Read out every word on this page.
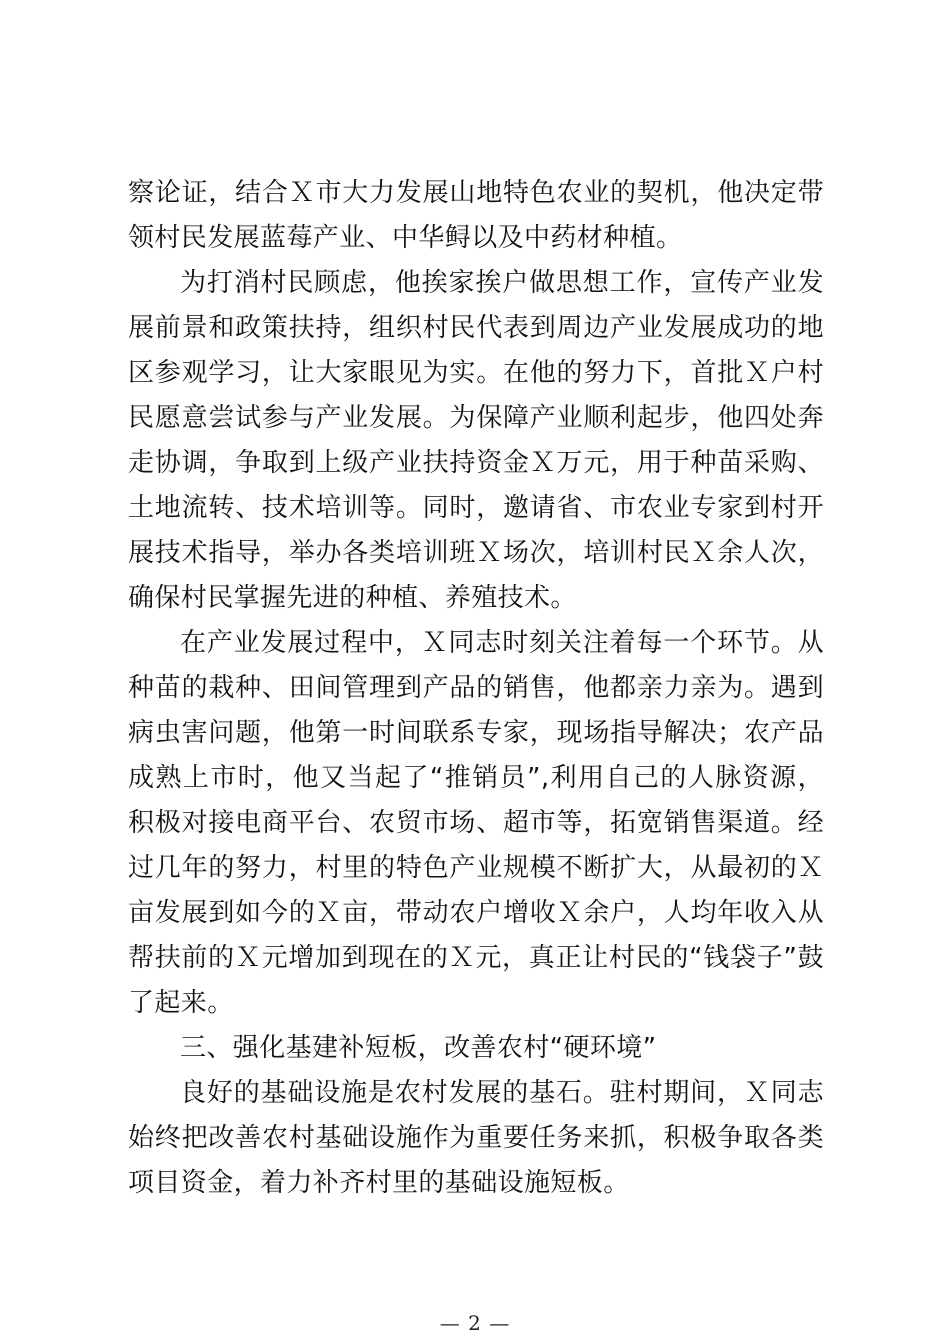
察论证，结合Ｘ市大力发展山地特色农业的契机，他决定带领村民发展蓝莓产业、中华鲟以及中药材种植。

为打消村民顾虑，他挨家挨户做思想工作，宣传产业发展前景和政策扶持，组织村民代表到周边产业发展成功的地区参观学习，让大家眼见为实。在他的努力下，首批Ｘ户村民愿意尝试参与产业发展。为保障产业顺利起步，他四处奔走协调，争取到上级产业扶持资金Ｘ万元，用于种苗采购、土地流转、技术培训等。同时，邀请省、市农业专家到村开展技术指导，举办各类培训班Ｘ场次，培训村民Ｘ余人次，确保村民掌握先进的种植、养殖技术。

在产业发展过程中，Ｘ同志时刻关注着每一个环节。从种苗的栽种、田间管理到产品的销售，他都亲力亲为。遇到病虫害问题，他第一时间联系专家，现场指导解决；农产品成熟上市时，他又当起了“推销员”,利用自己的人脉资源，积极对接电商平台、农贸市场、超市等，拓宽销售渠道。经过几年的努力，村里的特色产业规模不断扩大，从最初的Ｘ亩发展到如今的Ｘ亩，带动农户增收Ｘ余户，人均年收入从帮扶前的Ｘ元增加到现在的Ｘ元，真正让村民的“钱袋子”鼓了起来。

三、强化基建补短板，改善农村“硬环境”

良好的基础设施是农村发展的基石。驻村期间，Ｘ同志始终把改善农村基础设施作为重要任务来抓，积极争取各类项目资金，着力补齐村里的基础设施短板。

— 2 —
